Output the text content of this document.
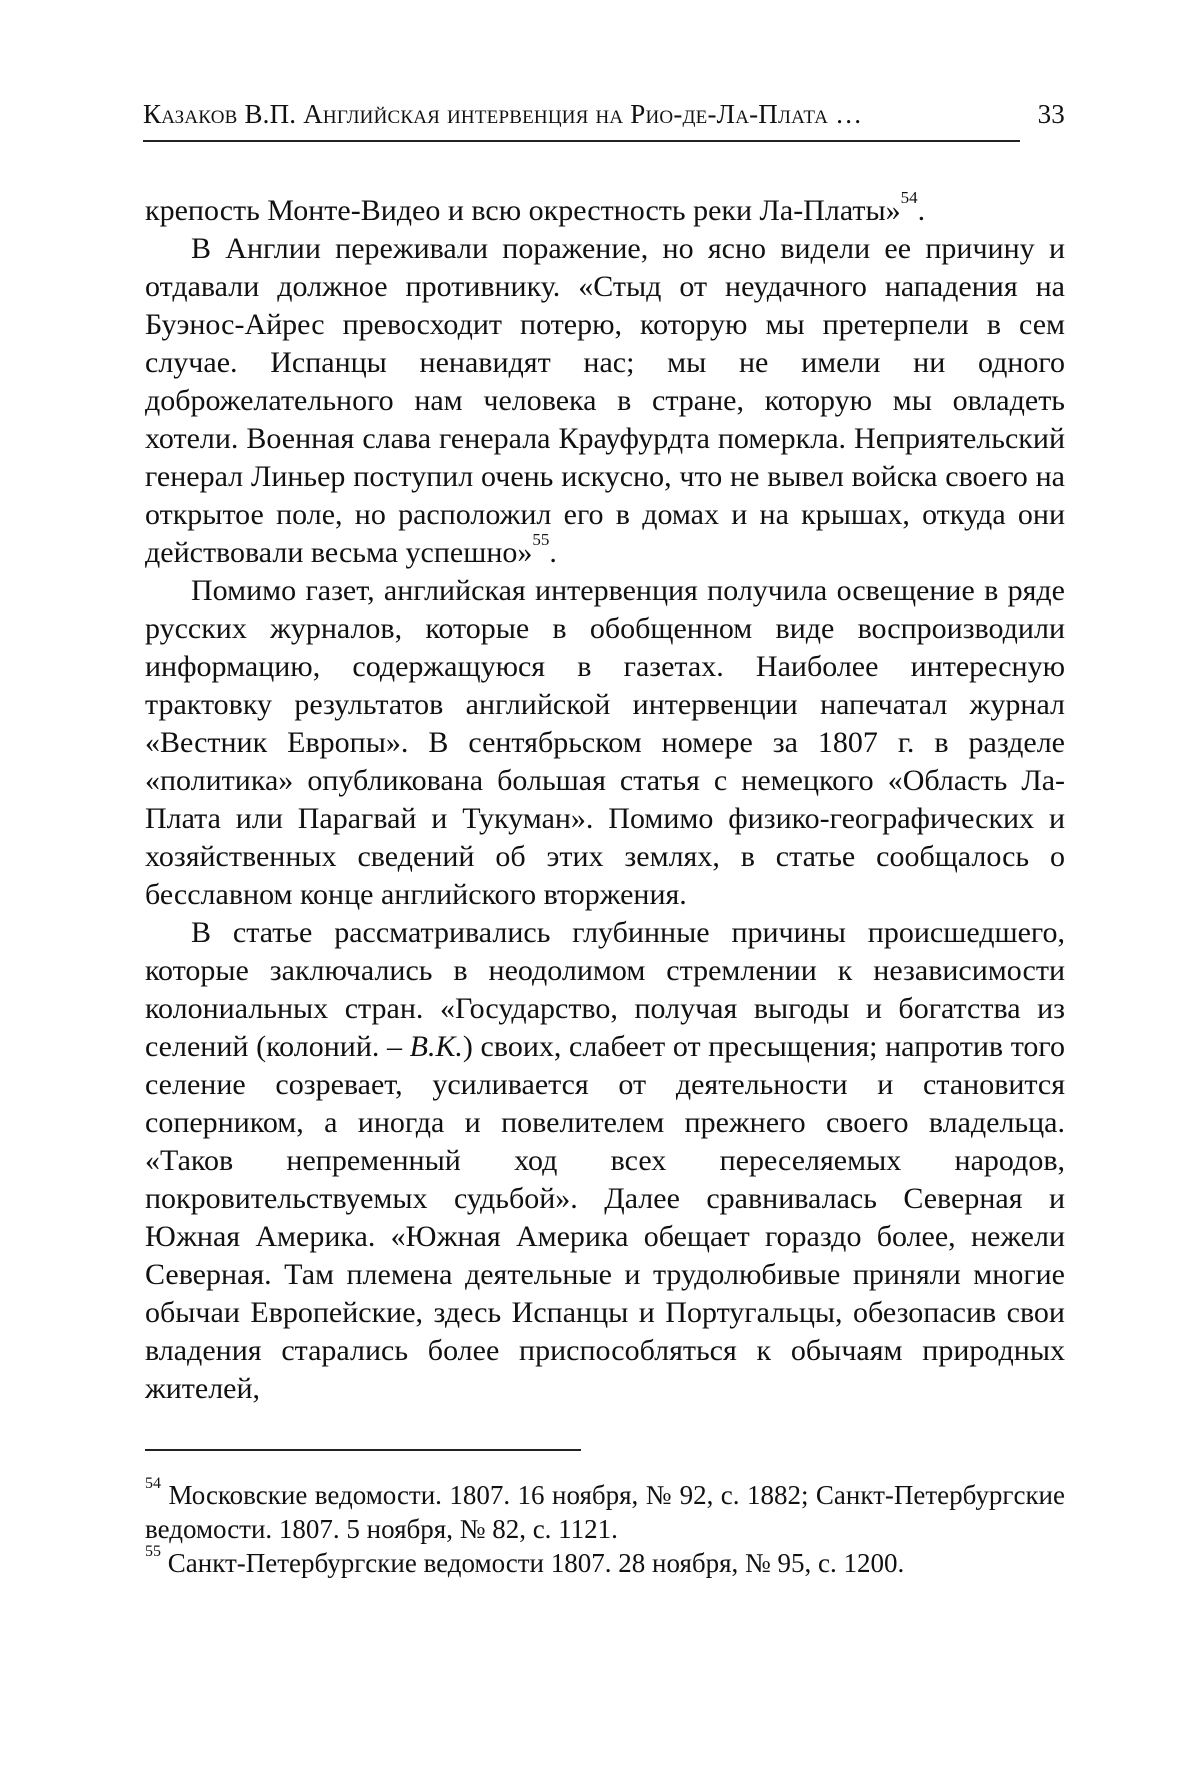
Казаков В.П. Английская интервенция на Рио-де-Ла-Плата …	33

крепость Монте-Видео и всю окрестность реки Ла-Платы»$^{54}$.

В Англии переживали поражение, но ясно видели ее причину и отдавали должное противнику. «Стыд от неудачного нападения на Буэнос-Айрес превосходит потерю, которую мы претерпели в сем случае. Испанцы ненавидят нас; мы не имели ни одного доброжелательного нам человека в стране, которую мы овладеть хотели. Военная слава генерала Крауфурдта померкла. Неприятельский генерал Линьер поступил очень искусно, что не вывел войска своего на открытое поле, но расположил его в домах и на крышах, откуда они действовали весьма успешно»$^{55}$.

Помимо газет, английская интервенция получила освещение в ряде русских журналов, которые в обобщенном виде воспроизводили информацию, содержащуюся в газетах. Наиболее интересную трактовку результатов английской интервенции напечатал журнал «Вестник Европы». В сентябрьском номере за 1807 г. в разделе «политика» опубликована большая статья с немецкого «Область Ла-Плата или Парагвай и Тукуман». Помимо физико-географических и хозяйственных сведений об этих землях, в статье сообщалось о бесславном конце английского вторжения.

В статье рассматривались глубинные причины происшедшего, которые заключались в неодолимом стремлении к независимости колониальных стран. «Государство, получая выгоды и богатства из селений (колоний. – В.К.) своих, слабеет от пресыщения; напротив того селение созревает, усиливается от деятельности и становится соперником, а иногда и повелителем прежнего своего владельца. «Таков непременный ход всех переселяемых народов, покровительствуемых судьбой». Далее сравнивалась Северная и Южная Америка. «Южная Америка обещает гораздо более, нежели Северная. Там племена деятельные и трудолюбивые приняли многие обычаи Европейские, здесь Испанцы и Португальцы, обезопасив свои владения старались более приспособляться к обычаям природных жителей,

$^{54}$ Московские ведомости. 1807. 16 ноября, № 92, с. 1882; Санкт-Петербургские ведомости. 1807. 5 ноября, № 82, с. 1121.

$^{55}$ Санкт-Петербургские ведомости 1807. 28 ноября, № 95, с. 1200.
